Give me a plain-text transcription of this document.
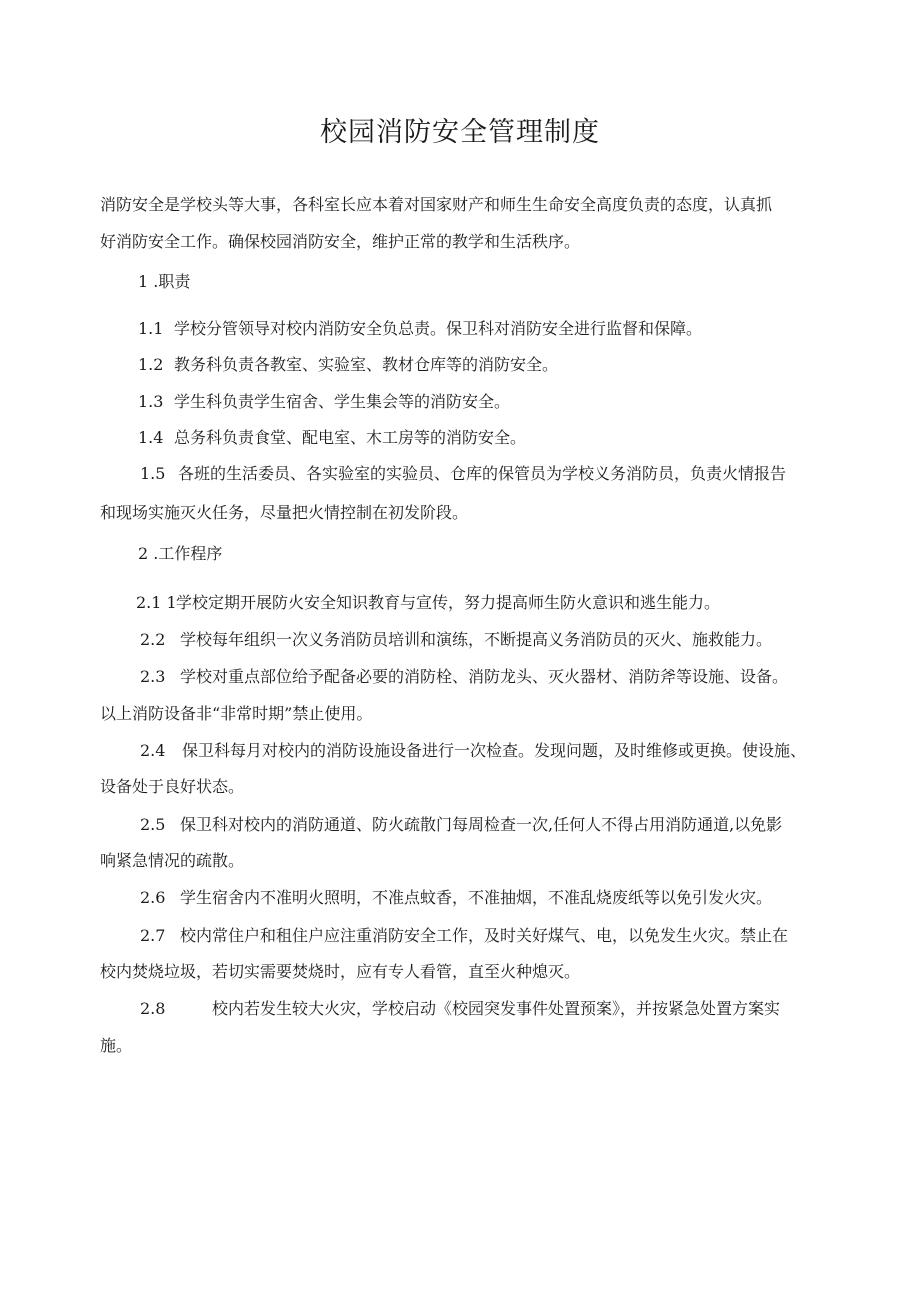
校园消防安全管理制度

消防安全是学校头等大事，各科室长应本着对国家财产和师生生命安全高度负责的态度，认真抓

好消防安全工作。确保校园消防安全，维护正常的教学和生活秩序。

1 .职责

1.1 学校分管领导对校内消防安全负总责。保卫科对消防安全进行监督和保障。

1.2 教务科负责各教室、实验室、教材仓库等的消防安全。

1.3 学生科负责学生宿舍、学生集会等的消防安全。

1.4 总务科负责食堂、配电室、木工房等的消防安全。

1.5 各班的生活委员、各实验室的实验员、仓库的保管员为学校义务消防员，负责火情报告

和现场实施灭火任务，尽量把火情控制在初发阶段。

2 .工作程序

2.1 1学校定期开展防火安全知识教育与宣传，努力提高师生防火意识和逃生能力。

2.2 学校每年组织一次义务消防员培训和演练，不断提高义务消防员的灭火、施救能力。

2.3 学校对重点部位给予配备必要的消防栓、消防龙头、灭火器材、消防斧等设施、设备。

以上消防设备非“非常时期”禁止使用。

2.4 保卫科每月对校内的消防设施设备进行一次检查。发现问题，及时维修或更换。使设施、

设备处于良好状态。

2.5 保卫科对校内的消防通道、防火疏散门每周检查一次,任何人不得占用消防通道,以免影

响紧急情况的疏散。

2.6 学生宿舍内不准明火照明，不准点蚊香，不准抽烟，不准乱烧废纸等以免引发火灾。

2.7 校内常住户和租住户应注重消防安全工作，及时关好煤气、电，以免发生火灾。禁止在

校内焚烧垃圾，若切实需要焚烧时，应有专人看管，直至火种熄灭。

2.8	校内若发生较大火灾，学校启动《校园突发事件处置预案》，并按紧急处置方案实

施。
